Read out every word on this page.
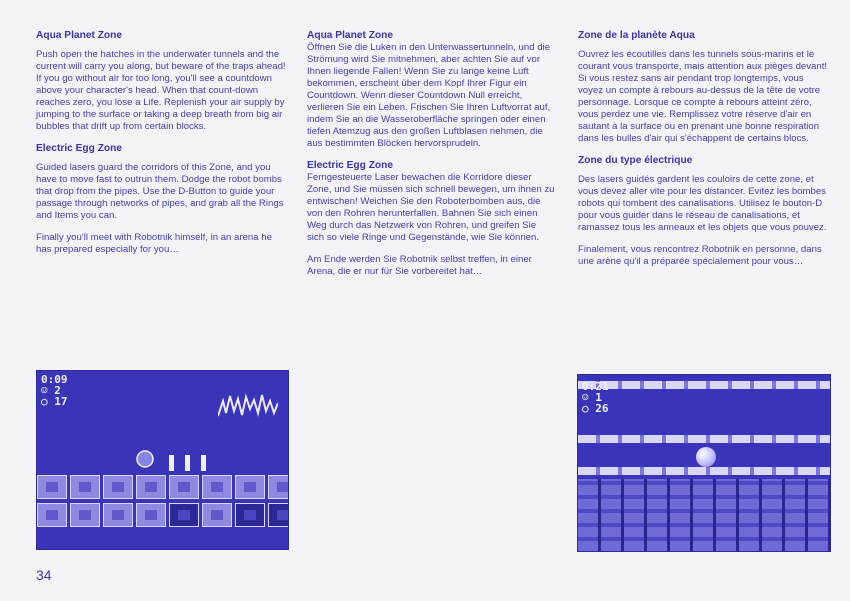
Aqua Planet Zone

Push open the hatches in the underwater tunnels and the current will carry you along, but beware of the traps ahead! If you go without air for too long, you'll see a countdown above your character's head. When that count-down reaches zero, you lose a Life. Replenish your air supply by jumping to the surface or taking a deep breath from big air bubbles that drift up from certain blocks.

Electric Egg Zone

Guided lasers guard the corridors of this Zone, and you have to move fast to outrun them. Dodge the robot bombs that drop from the pipes. Use the D-Button to guide your passage through networks of pipes, and grab all the Rings and Items you can.

Finally you'll meet with Robotnik himself, in an arena he has prepared especially for you…

Aqua Planet Zone

Öffnen Sie die Luken in den Unterwassertunneln, und die Strömung wird Sie mitnehmen, aber achten Sie auf vor Ihnen liegende Fallen! Wenn Sie zu lange keine Luft bekommen, erscheint über dem Kopf Ihrer Figur ein Countdown. Wenn dieser Countdown Null erreicht, verlieren Sie ein Leben. Frischen Sie Ihren Luftvorrat auf, indem Sie an die Wasseroberfläche springen oder einen tiefen Atemzug aus den großen Luftblasen nehmen, die aus bestimmten Blöcken hervorsprudeln.

Electric Egg Zone

Ferngesteuerte Laser bewachen die Korridore dieser Zone, und Sie müssen sich schnell bewegen, um ihnen zu entwischen! Weichen Sie den Roboterbomben aus, die von den Rohren herunterfallen. Bahnen Sie sich einen Weg durch das Netzwerk von Rohren, und greifen Sie sich so viele Ringe und Gegenstände, wie Sie können.

Am Ende werden Sie Robotnik selbst treffen, in einer Arena, die er nur für Sie vorbereitet hat…

Zone de la planète Aqua

Ouvrez les écoutilles dans les tunnels sous-marins et le courant vous transporte, mais attention aux pièges devant! Si vous restez sans air pendant trop longtemps, vous voyez un compte à rebours au-dessus de la tête de votre personnage. Lorsque ce compte à rebours atteint zéro, vous perdez une vie. Remplissez votre réserve d'air en sautant à la surface ou en prenant une bonne respiration dans les bulles d'air qui s'échappent de certains blocs.

Zone du type électrique

Des lasers guidés gardent les couloirs de cette zone, et vous devez aller vite pour les distancer. Evitez les bombes robots qui tombent des canalisations. Utilisez le bouton-D pour vous guider dans le réseau de canalisations, et ramassez tous les anneaux et les objets que vous pouvez.

Finalement, vous rencontrez Robotnik en personne, dans une arène qu'il a préparée spécialement pour vous…

0:09
☺ 2
○ 17
0:21
☺ 1
○ 26
34
